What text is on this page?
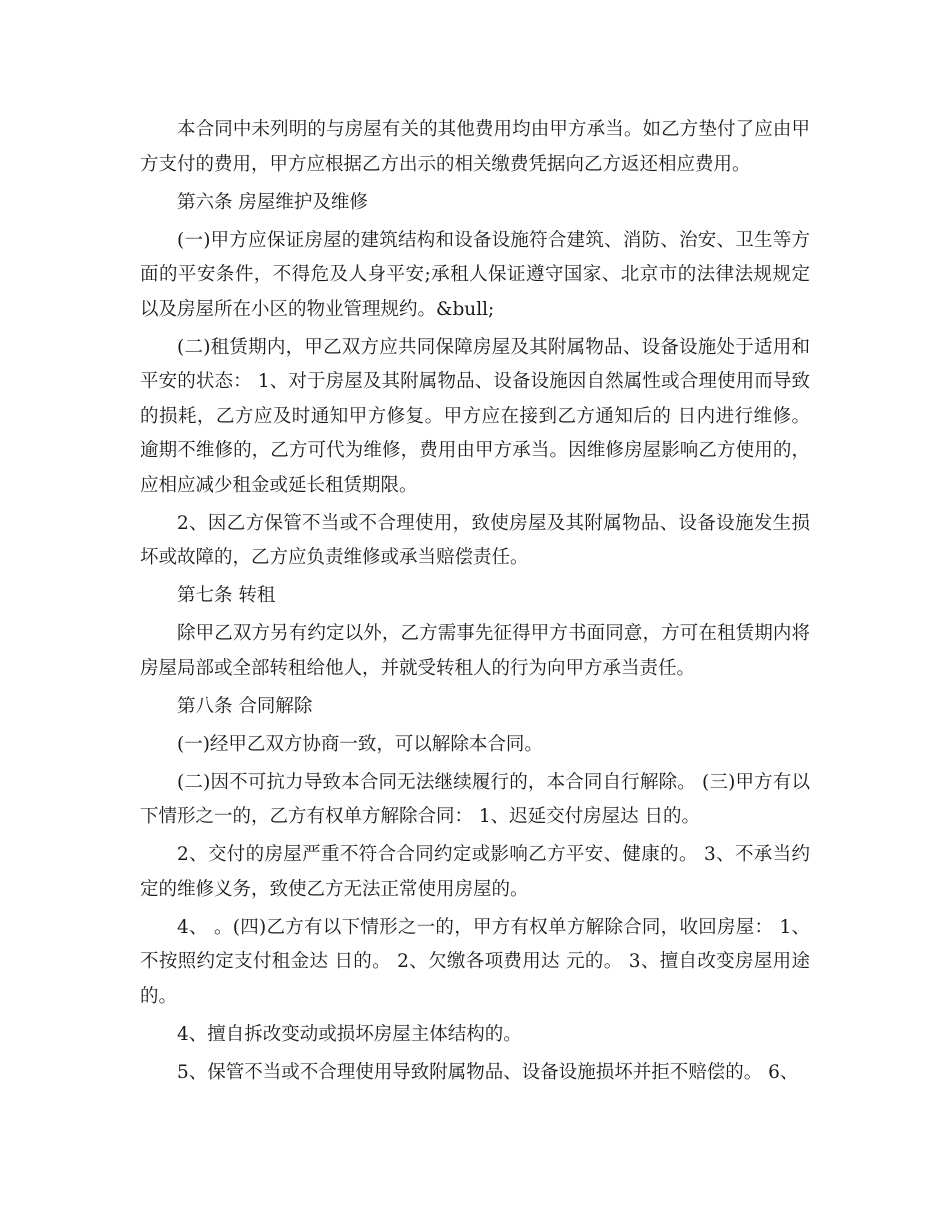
本合同中未列明的与房屋有关的其他费用均由甲方承当。如乙方垫付了应由甲方支付的费用，甲方应根据乙方出示的相关缴费凭据向乙方返还相应费用。

第六条 房屋维护及维修

(一)甲方应保证房屋的建筑结构和设备设施符合建筑、消防、治安、卫生等方面的平安条件，不得危及人身平安;承租人保证遵守国家、北京市的法律法规规定以及房屋所在小区的物业管理规约。&bull;

(二)租赁期内，甲乙双方应共同保障房屋及其附属物品、设备设施处于适用和平安的状态： 1、对于房屋及其附属物品、设备设施因自然属性或合理使用而导致的损耗，乙方应及时通知甲方修复。甲方应在接到乙方通知后的 日内进行维修。逾期不维修的，乙方可代为维修，费用由甲方承当。因维修房屋影响乙方使用的，应相应减少租金或延长租赁期限。

2、因乙方保管不当或不合理使用，致使房屋及其附属物品、设备设施发生损坏或故障的，乙方应负责维修或承当赔偿责任。

第七条 转租

除甲乙双方另有约定以外，乙方需事先征得甲方书面同意，方可在租赁期内将房屋局部或全部转租给他人，并就受转租人的行为向甲方承当责任。

第八条 合同解除

(一)经甲乙双方协商一致，可以解除本合同。

(二)因不可抗力导致本合同无法继续履行的，本合同自行解除。 (三)甲方有以下情形之一的，乙方有权单方解除合同： 1、迟延交付房屋达 日的。

2、交付的房屋严重不符合合同约定或影响乙方平安、健康的。 3、不承当约定的维修义务，致使乙方无法正常使用房屋的。

4、 。(四)乙方有以下情形之一的，甲方有权单方解除合同，收回房屋： 1、不按照约定支付租金达 日的。 2、欠缴各项费用达 元的。 3、擅自改变房屋用途的。

4、擅自拆改变动或损坏房屋主体结构的。

5、保管不当或不合理使用导致附属物品、设备设施损坏并拒不赔偿的。 6、
